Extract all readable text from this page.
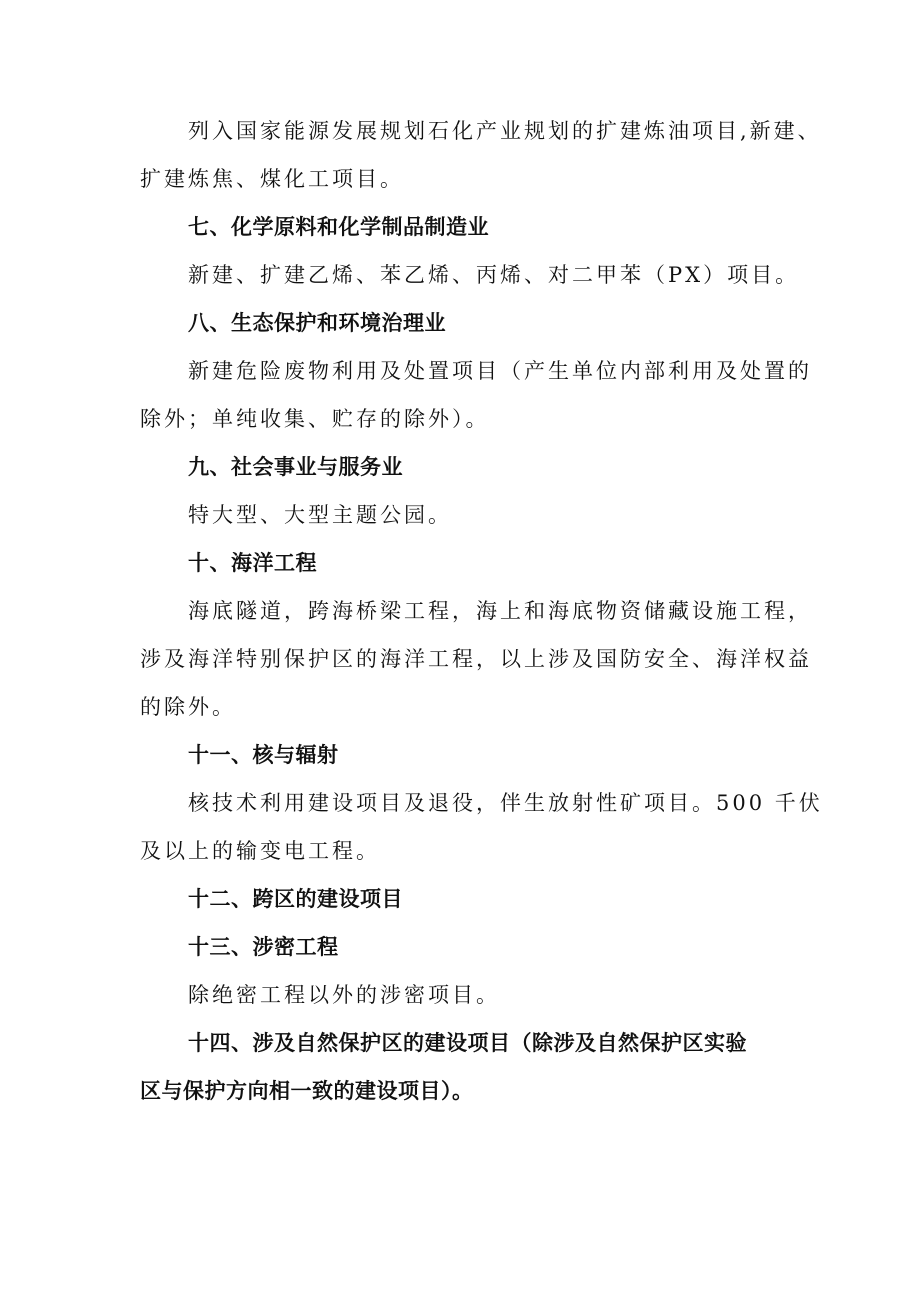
列入国家能源发展规划石化产业规划的扩建炼油项目,新建、
扩建炼焦、煤化工项目。
七、化学原料和化学制品制造业
新建、扩建乙烯、苯乙烯、丙烯、对二甲苯（PX）项目。
八、生态保护和环境治理业
新建危险废物利用及处置项目（产生单位内部利用及处置的
除外；单纯收集、贮存的除外）。
九、社会事业与服务业
特大型、大型主题公园。
十、海洋工程
海底隧道，跨海桥梁工程，海上和海底物资储藏设施工程，
涉及海洋特别保护区的海洋工程，以上涉及国防安全、海洋权益
的除外。
十一、核与辐射
核技术利用建设项目及退役，伴生放射性矿项目。500 千伏
及以上的输变电工程。
十二、跨区的建设项目
十三、涉密工程
除绝密工程以外的涉密项目。
十四、涉及自然保护区的建设项目（除涉及自然保护区实验
区与保护方向相一致的建设项目）。
